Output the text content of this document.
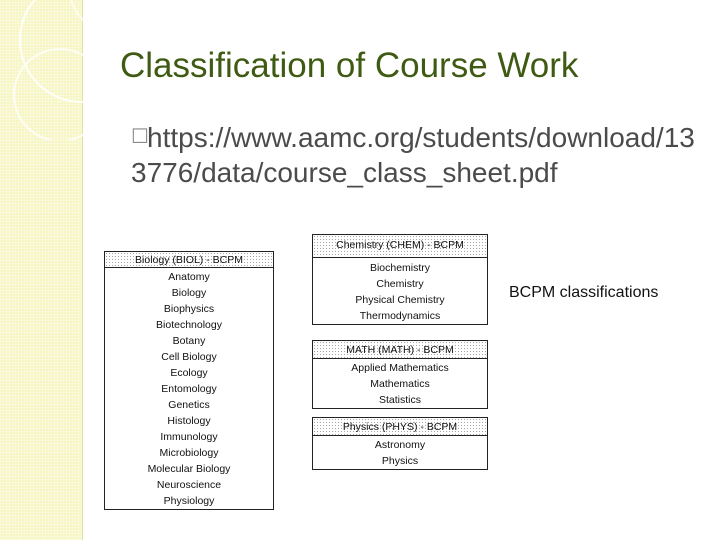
Classification of Course Work
☐https://www.aamc.org/students/download/133776/data/course_class_sheet.pdf
Biology (BIOL) - BCPM
Anatomy
Biology
Biophysics
Biotechnology
Botany
Cell Biology
Ecology
Entomology
Genetics
Histology
Immunology
Microbiology
Molecular Biology
Neuroscience
Physiology
Chemistry (CHEM) - BCPM
Biochemistry
Chemistry
Physical Chemistry
Thermodynamics
MATH (MATH) - BCPM
Applied Mathematics
Mathematics
Statistics
Physics (PHYS) - BCPM
Astronomy
Physics
BCPM classifications
